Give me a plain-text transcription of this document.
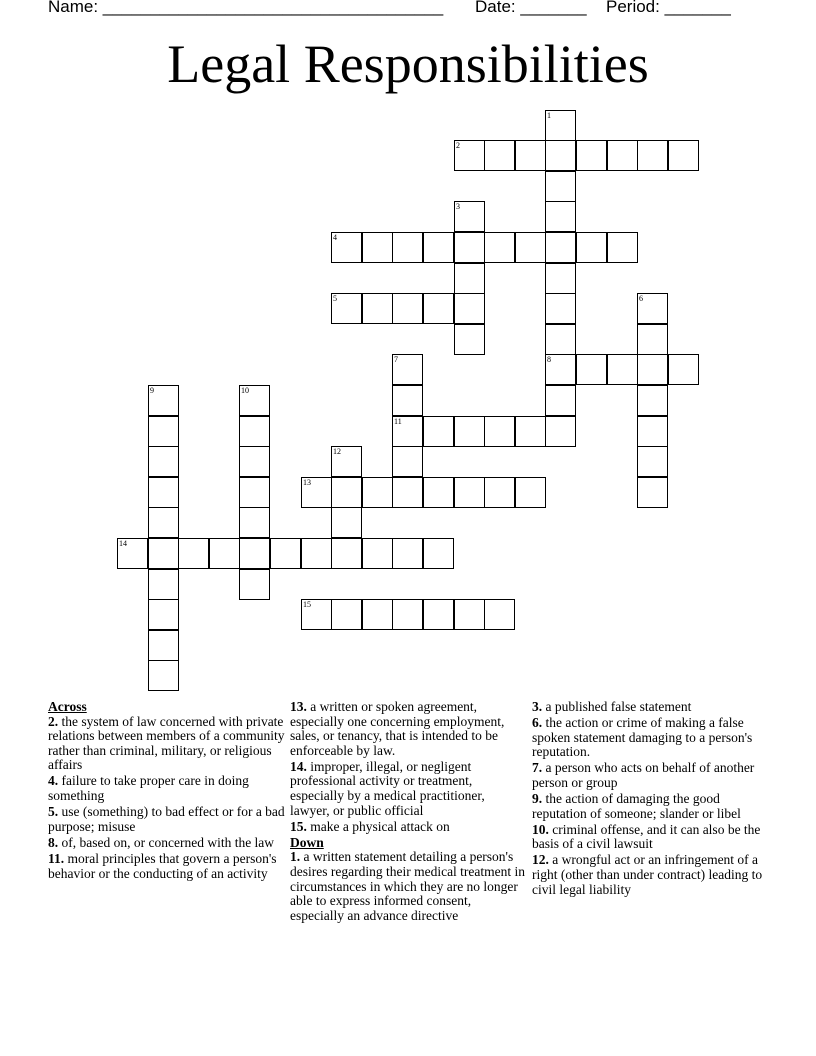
Name: ____________________________________ Date: _______ Period: _______
Legal Responsibilities
1
2
3
4
5	6
7	8
9	10
11
12
13
14
15
Across
2. the system of law concerned with private relations between members of a community rather than criminal, military, or religious affairs
4. failure to take proper care in doing something
5. use (something) to bad effect or for a bad purpose; misuse
8. of, based on, or concerned with the law
11. moral principles that govern a person's behavior or the conducting of an activity
13. a written or spoken agreement, especially one concerning employment, sales, or tenancy, that is intended to be enforceable by law.
14. improper, illegal, or negligent professional activity or treatment, especially by a medical practitioner, lawyer, or public official
15. make a physical attack on
Down
1. a written statement detailing a person's desires regarding their medical treatment in circumstances in which they are no longer able to express informed consent, especially an advance directive
3. a published false statement
6. the action or crime of making a false spoken statement damaging to a person's reputation.
7. a person who acts on behalf of another person or group
9. the action of damaging the good reputation of someone; slander or libel
10. criminal offense, and it can also be the basis of a civil lawsuit
12. a wrongful act or an infringement of a right (other than under contract) leading to civil legal liability
